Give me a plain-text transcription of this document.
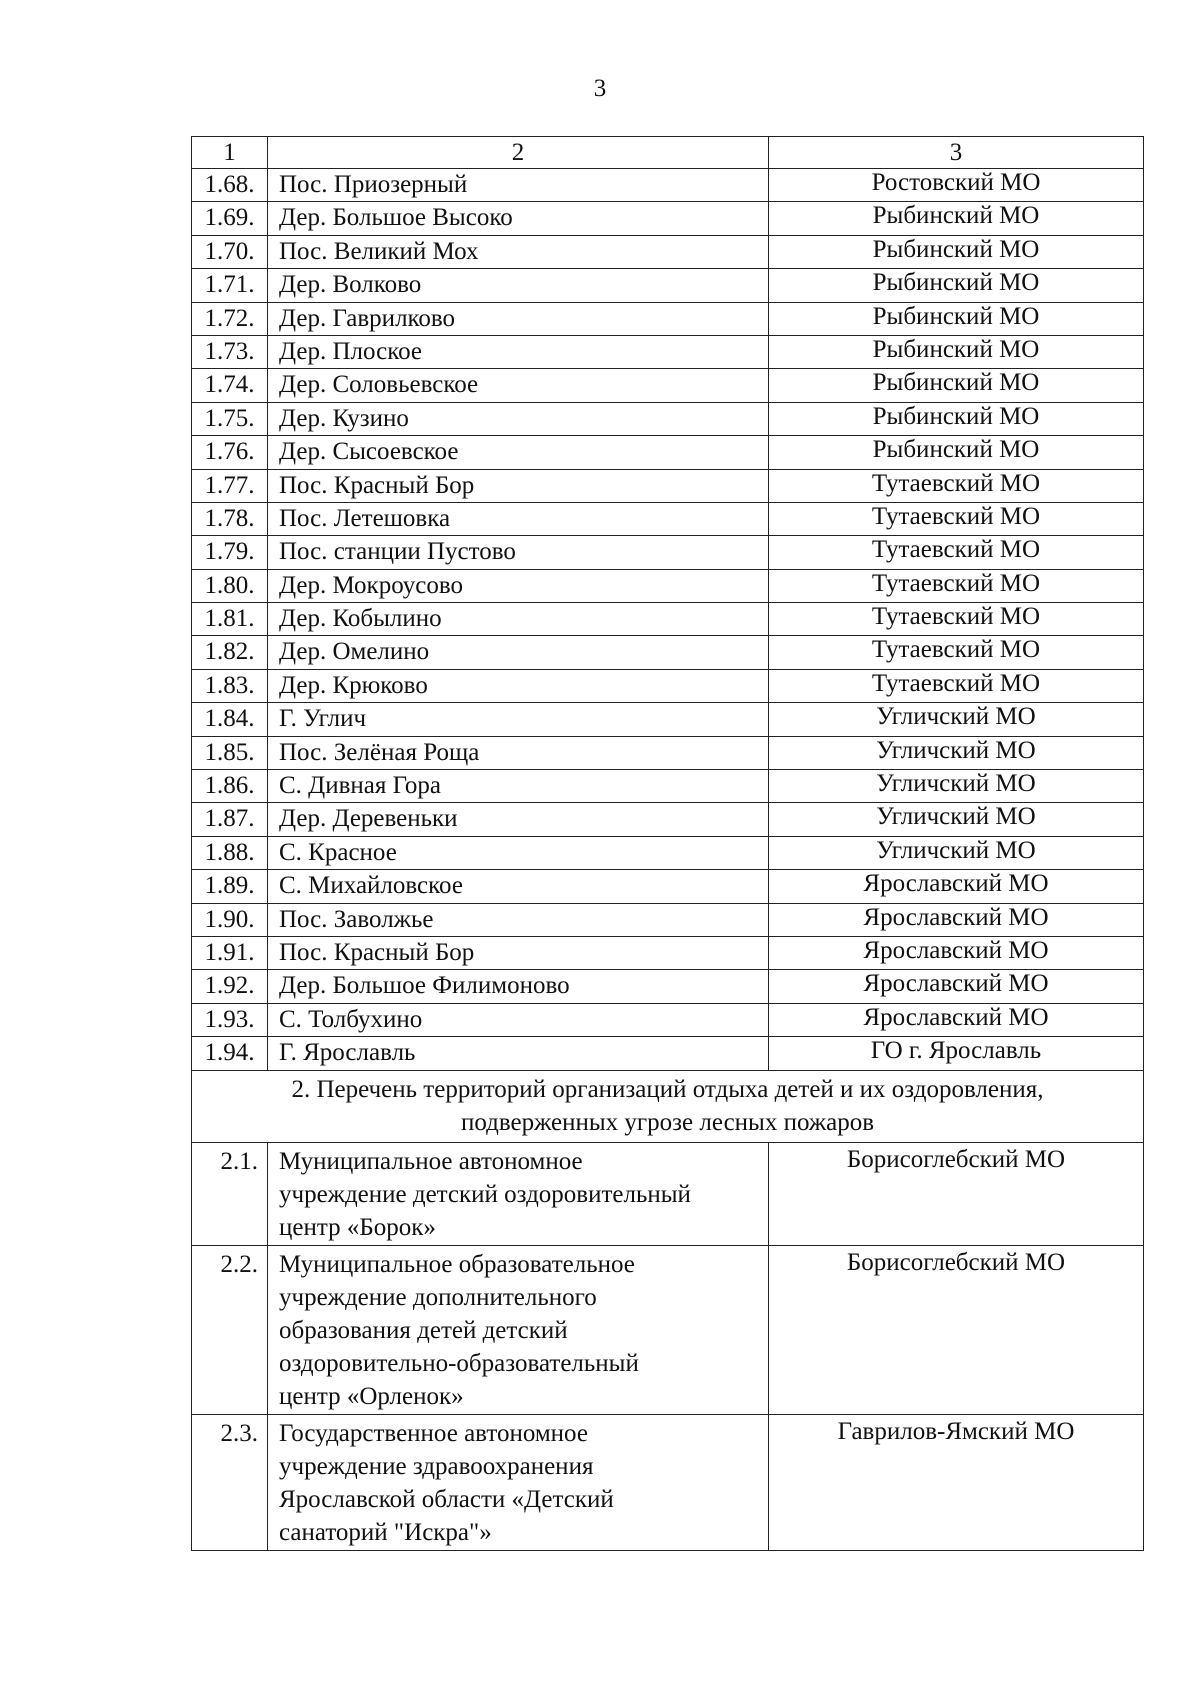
3
1	2	3
1.68.	Пос. Приозерный	Ростовский МО
1.69.	Дер. Большое Высоко	Рыбинский МО
1.70.	Пос. Великий Мох	Рыбинский МО
1.71.	Дер. Волково	Рыбинский МО
1.72.	Дер. Гаврилково	Рыбинский МО
1.73.	Дер. Плоское	Рыбинский МО
1.74.	Дер. Соловьевское	Рыбинский МО
1.75.	Дер. Кузино	Рыбинский МО
1.76.	Дер. Сысоевское	Рыбинский МО
1.77.	Пос. Красный Бор	Тутаевский МО
1.78.	Пос. Летешовка	Тутаевский МО
1.79.	Пос. станции Пустово	Тутаевский МО
1.80.	Дер. Мокроусово	Тутаевский МО
1.81.	Дер. Кобылино	Тутаевский МО
1.82.	Дер. Омелино	Тутаевский МО
1.83.	Дер. Крюково	Тутаевский МО
1.84.	Г. Углич	Угличский МО
1.85.	Пос. Зелёная Роща	Угличский МО
1.86.	С. Дивная Гора	Угличский МО
1.87.	Дер. Деревеньки	Угличский МО
1.88.	С. Красное	Угличский МО
1.89.	С. Михайловское	Ярославский МО
1.90.	Пос. Заволжье	Ярославский МО
1.91.	Пос. Красный Бор	Ярославский МО
1.92.	Дер. Большое Филимоново	Ярославский МО
1.93.	С. Толбухино	Ярославский МО
1.94.	Г. Ярославль	ГО г. Ярославль

2. Перечень территорий организаций отдыха детей и их оздоровления,
подверженных угрозе лесных пожаров		

2.1.	Муниципальное автономное
учреждение детский оздоровительный
центр «Борок»	Борисоглебский МО
2.2.	Муниципальное образовательное
учреждение дополнительного
образования детей детский
оздоровительно-образовательный
центр «Орленок»	Борисоглебский МО
2.3.	Государственное автономное
учреждение здравоохранения
Ярославской области «Детский
санаторий "Искра"»	Гаврилов-Ямский МО
